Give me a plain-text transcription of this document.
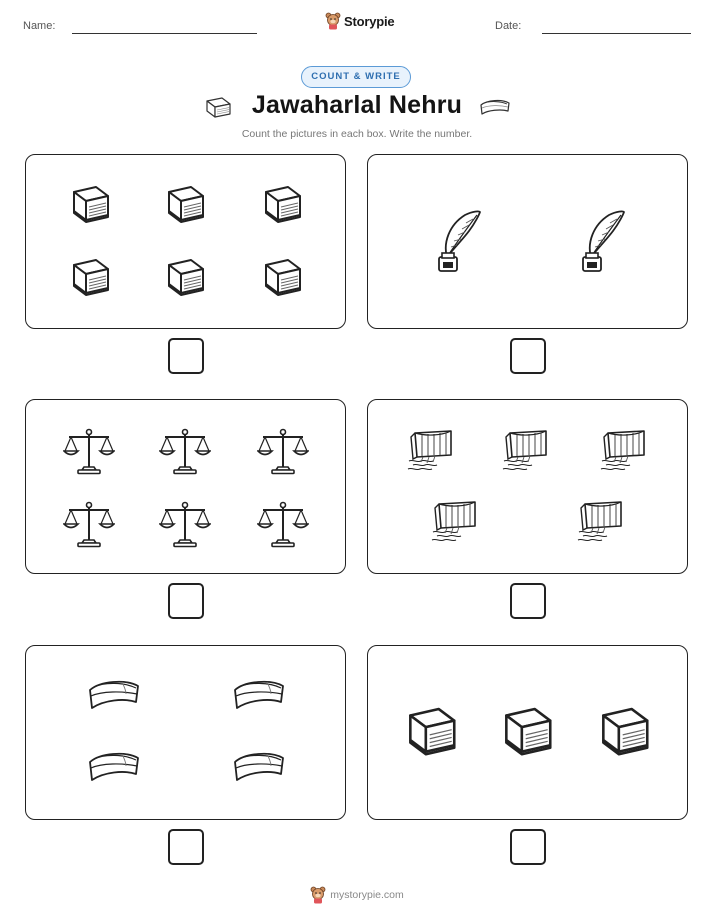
Name:	Storypie	Date:
COUNT & WRITE
Jawaharlal Nehru
Count the pictures in each box. Write the number.
mystorypie.com
